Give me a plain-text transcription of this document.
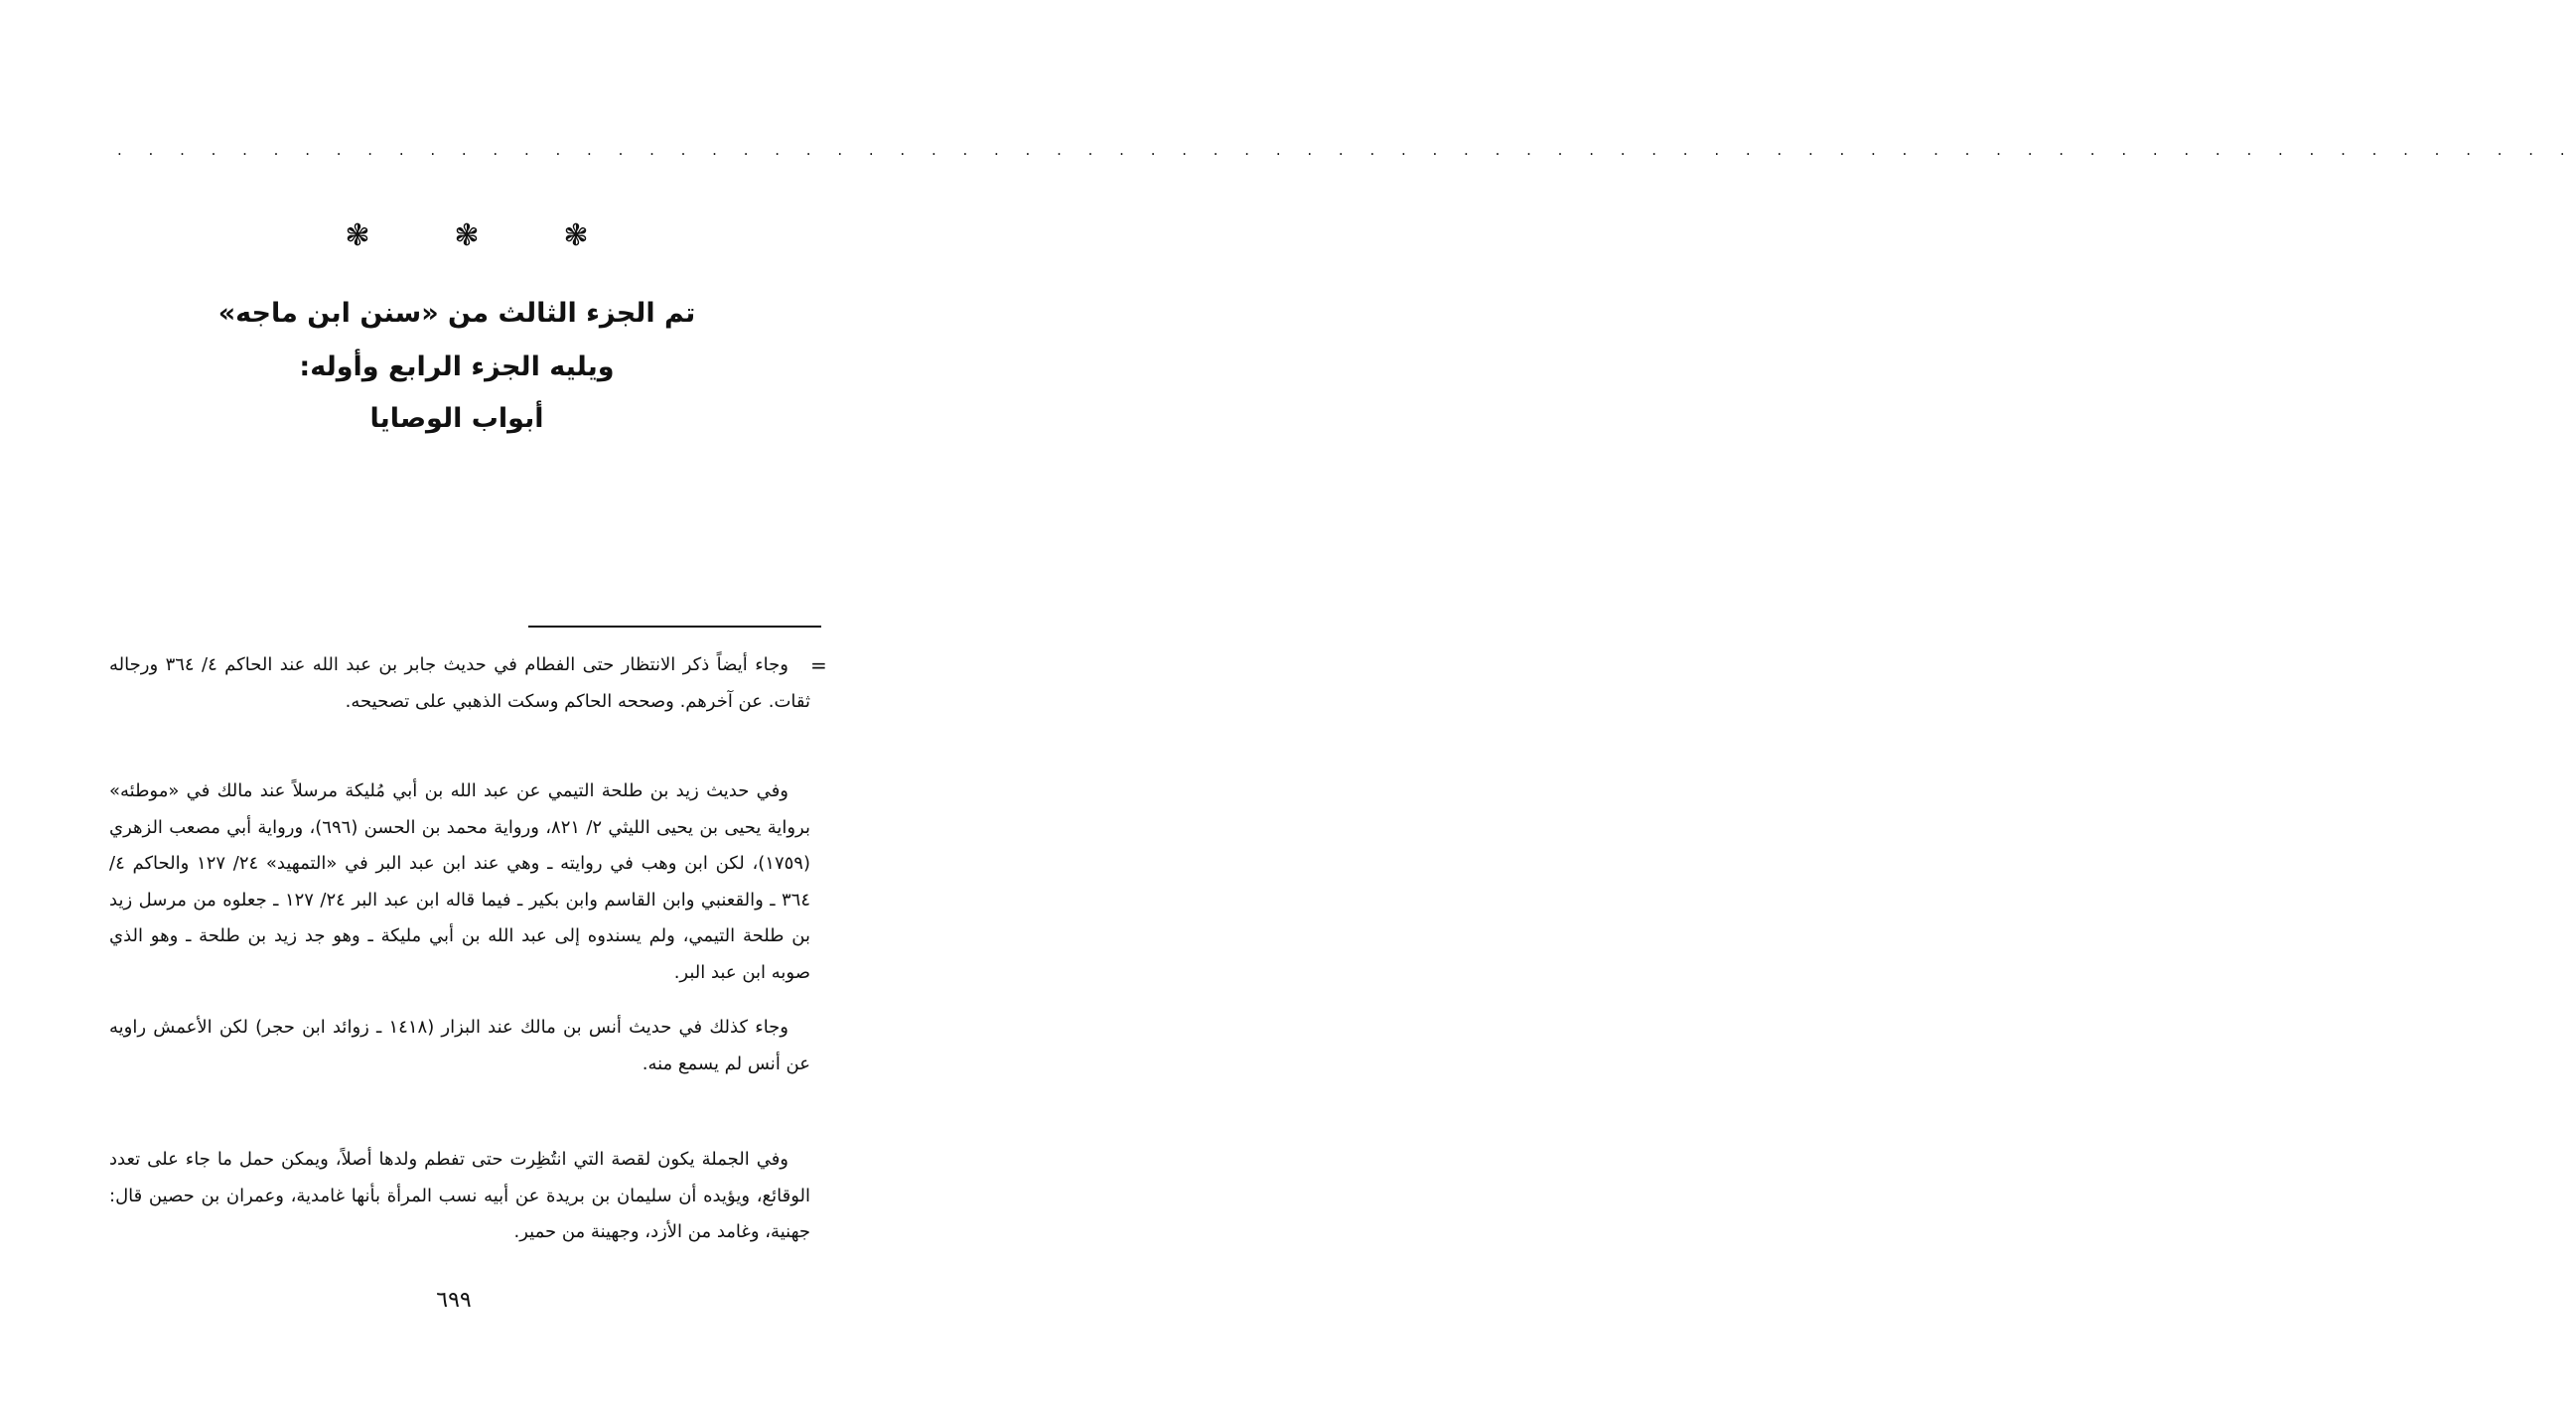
. . . . . . . . . . . . . . . . . . . . . . . . . . . . . . . . . . . . . . . . . . . . . . . . . . . . . . . . . . . . . . . . . . . . . . . . . . . . . . .
❃	❃	❃
تم الجزء الثالث من «سنن ابن ماجه»
ويليه الجزء الرابع وأوله:
أبواب الوصايا
=
وجاء أيضاً ذكر الانتظار حتى الفطام في حديث جابر بن عبد الله عند الحاكم ٤/ ٣٦٤ ورجاله ثقات. عن آخرهم. وصححه الحاكم وسكت الذهبي على تصحيحه.
وفي حديث زيد بن طلحة التيمي عن عبد الله بن أبي مُليكة مرسلاً عند مالك في «موطئه» برواية يحيى بن يحيى الليثي ٢/ ٨٢١، ورواية محمد بن الحسن (٦٩٦)، ورواية أبي مصعب الزهري (١٧٥٩)، لكن ابن وهب في روايته ـ وهي عند ابن عبد البر في «التمهيد» ٢٤/ ١٢٧ والحاكم ٤/ ٣٦٤ ـ والقعنبي وابن القاسم وابن بكير ـ فيما قاله ابن عبد البر ٢٤/ ١٢٧ ـ جعلوه من مرسل زيد بن طلحة التيمي، ولم يسندوه إلى عبد الله بن أبي مليكة ـ وهو جد زيد بن طلحة ـ وهو الذي صوبه ابن عبد البر.
وجاء كذلك في حديث أنس بن مالك عند البزار (١٤١٨ ـ زوائد ابن حجر) لكن الأعمش راويه عن أنس لم يسمع منه.
وفي الجملة يكون لقصة التي انتُظِرت حتى تفطم ولدها أصلاً، ويمكن حمل ما جاء على تعدد الوقائع، ويؤيده أن سليمان بن بريدة عن أبيه نسب المرأة بأنها غامدية، وعمران بن حصين قال: جهنية، وغامد من الأزد، وجهينة من حمير.
٦٩٩
